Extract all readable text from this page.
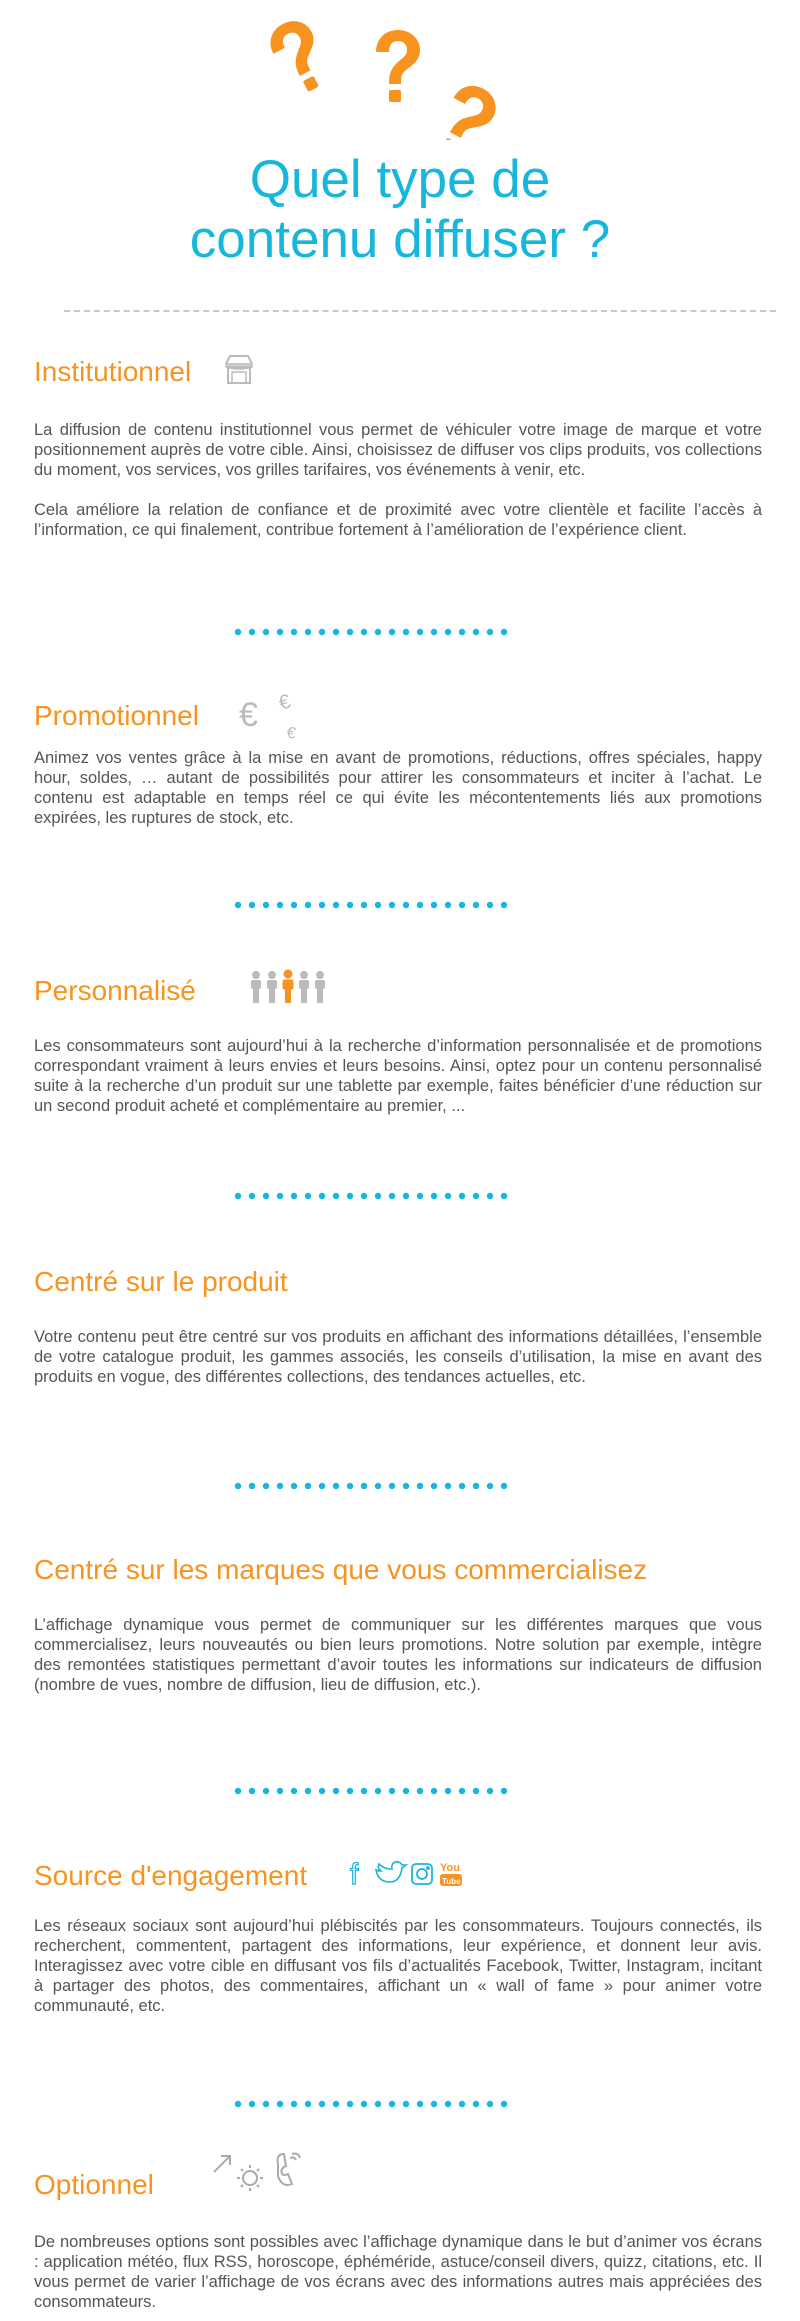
Quel type de
contenu diffuser ?
Institutionnel

La diffusion de contenu institutionnel vous permet de véhiculer votre image de marque et votre positionnement auprès de votre cible. Ainsi, choisissez de diffuser vos clips produits, vos collections du moment, vos services, vos grilles tarifaires, vos événements à venir, etc.

Cela améliore la relation de confiance et de proximité avec votre clientèle et facilite l’accès à l’information, ce qui finalement, contribue fortement à l’amélioration de l’expérience client.

Promotionnel € €
€

Animez vos ventes grâce à la mise en avant de promotions, réductions, offres spéciales, happy hour, soldes, … autant de possibilités pour attirer les consommateurs et inciter à l’achat. Le contenu est adaptable en temps réel ce qui évite les mécontentements liés aux promotions expirées, les ruptures de stock, etc.

Personnalisé

Les consommateurs sont aujourd’hui à la recherche d’information personnalisée et de promotions correspondant vraiment à leurs envies et leurs besoins. Ainsi, optez pour un contenu personnalisé suite à la recherche d’un produit sur une tablette par exemple, faites bénéficier d’une réduction sur un second produit acheté et complémentaire au premier, ...

Centré sur le produit

Votre contenu peut être centré sur vos produits en affichant des informations détaillées, l’ensemble de votre catalogue produit, les gammes associés, les conseils d’utilisation, la mise en avant des produits en vogue, des différentes collections, des tendances actuelles, etc.

Centré sur les marques que vous commercialisez

L’affichage dynamique vous permet de communiquer sur les différentes marques que vous commercialisez, leurs nouveautés ou bien leurs promotions. Notre solution par exemple, intègre des remontées statistiques permettant d’avoir toutes les informations sur indicateurs de diffusion (nombre de vues, nombre de diffusion, lieu de diffusion, etc.).

Source d'engagement f	You
Tube

Les réseaux sociaux sont aujourd’hui plébiscités par les consommateurs. Toujours connectés, ils recherchent, commentent, partagent des informations, leur expérience, et donnent leur avis. Interagissez avec votre cible en diffusant vos fils d’actualités Facebook, Twitter, Instagram, incitant à partager des photos, des commentaires, affichant un « wall of fame » pour animer votre communauté, etc.

Optionnel

De nombreuses options sont possibles avec l’affichage dynamique dans le but d’animer vos écrans : application météo, flux RSS, horoscope, éphéméride, astuce/conseil divers, quizz, citations, etc. Il vous permet de varier l’affichage de vos écrans avec des informations autres mais appréciées des consommateurs.
